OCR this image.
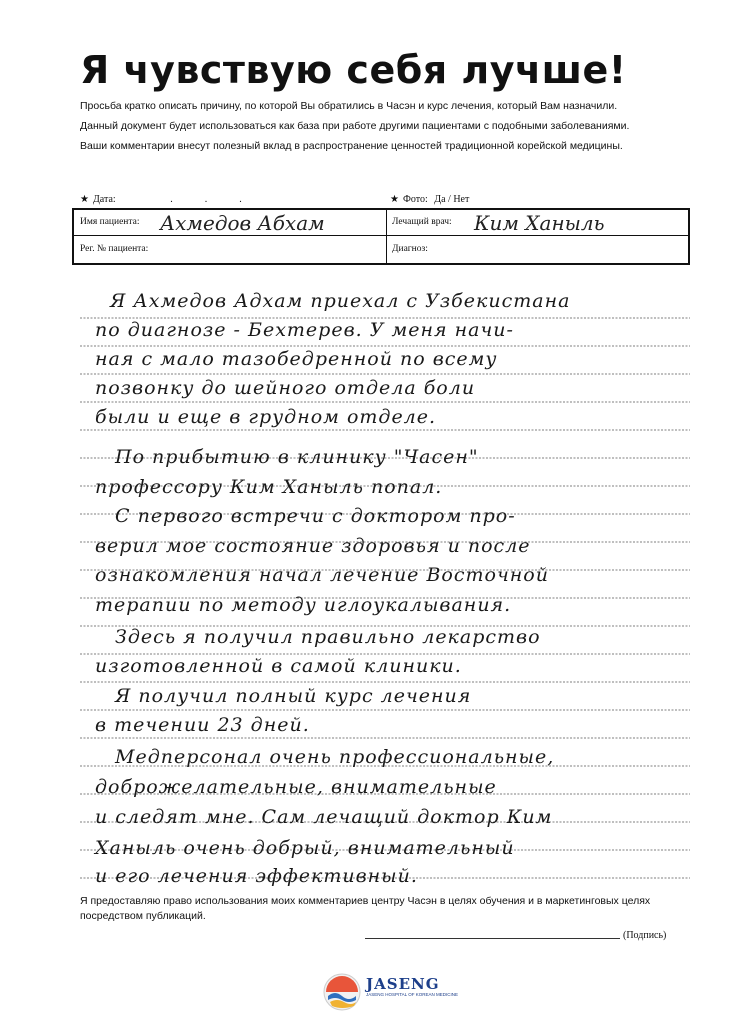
Я чувствую себя лучше!

Просьба кратко описать причину, по которой Вы обратились в Часэн и курс лечения, который Вам назначили.

Данный документ будет использоваться как база при работе другими пациентами с подобными заболеваниями.

Ваши комментарии внесут полезный вклад в распространение ценностей традиционной корейской медицины.

★ Дата:	.	.	.	★ Фото: Да / Нет
Имя пациента: Ахмедов Абхам	Лечащий врач: Ким Ханыль
Рег. № пациента:	Диагноз:
Я Ахмедов Адхам приехал с Узбекистана
по диагнозе - Бехтерев. У меня начи-
ная с мало тазобедренной по всему
позвонку до шейного отдела боли
были и еще в грудном отделе.
По прибытию в клинику "Часен"
профессору Ким Ханыль попал.
С первого встречи с доктором про-
верил мое состояние здоровья и после
ознакомления начал лечение Восточной
терапии по методу иглоукалывания.
Здесь я получил правильно лекарство
изготовленной в самой клиники.
Я получил полный курс лечения
в течении 23 дней.
Медперсонал очень профессиональные,
доброжелательные, внимательные
и следят мне. Сам лечащий доктор Ким
Ханыль очень добрый, внимательный
и его лечения эффективный.
Я предоставляю право использования моих комментариев центру Часэн в целях обучения и в маркетинговых целях посредством публикаций.
(Подпись)
JASENG
JASENG HOSPITAL OF KOREAN MEDICINE
